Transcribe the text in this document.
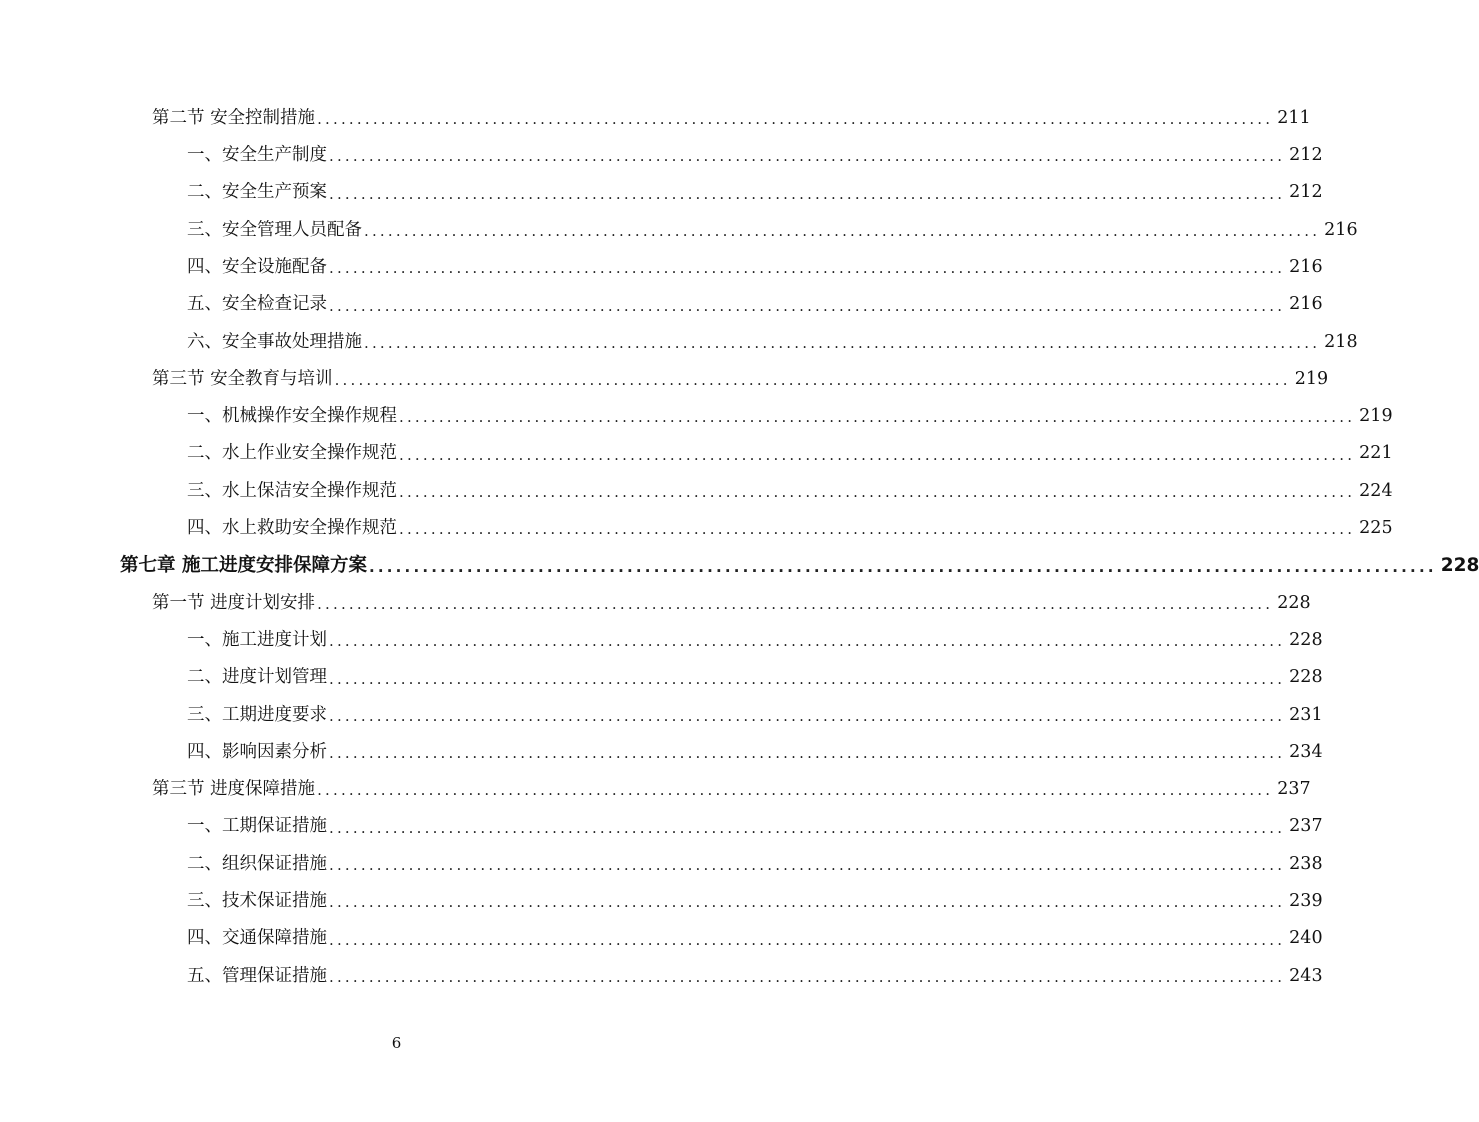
第二节 安全控制措施 ........................................................................................................................ 211
一、安全生产制度 ........................................................................................................................ 212
二、安全生产预案 ........................................................................................................................ 212
三、安全管理人员配备 ........................................................................................................................ 216
四、安全设施配备 ........................................................................................................................ 216
五、安全检查记录 ........................................................................................................................ 216
六、安全事故处理措施 ........................................................................................................................ 218
第三节 安全教育与培训 ........................................................................................................................ 219
一、机械操作安全操作规程 ........................................................................................................................ 219
二、水上作业安全操作规范 ........................................................................................................................ 221
三、水上保洁安全操作规范 ........................................................................................................................ 224
四、水上救助安全操作规范 ........................................................................................................................ 225
第七章 施工进度安排保障方案 ........................................................................................................................ 228
第一节 进度计划安排 ........................................................................................................................ 228
一、施工进度计划 ........................................................................................................................ 228
二、进度计划管理 ........................................................................................................................ 228
三、工期进度要求 ........................................................................................................................ 231
四、影响因素分析 ........................................................................................................................ 234
第三节 进度保障措施 ........................................................................................................................ 237
一、工期保证措施 ........................................................................................................................ 237
二、组织保证措施 ........................................................................................................................ 238
三、技术保证措施 ........................................................................................................................ 239
四、交通保障措施 ........................................................................................................................ 240
五、管理保证措施 ........................................................................................................................ 243
6
